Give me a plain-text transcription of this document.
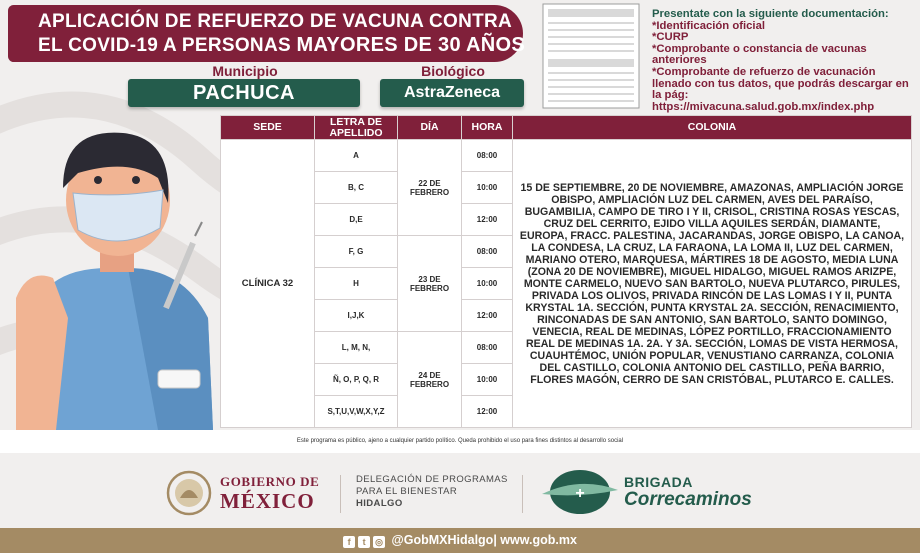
APLICACIÓN DE REFUERZO DE VACUNA CONTRA
EL COVID-19 A PERSONAS MAYORES DE 30 AÑOS
Municipio
PACHUCA
Biológico
AstraZeneca
Presentate con la siguiente documentación:
*Identificación oficial
*CURP
*Comprobante o constancia de vacunas anteriores
*Comprobante de refuerzo de vacunación llenado con tus datos, que podrás descargar en la pág:
https://mivacuna.salud.gob.mx/index.php
SEDE	LETRA DE APELLIDO	DÍA	HORA	COLONIA
CLÍNICA 32	A	22 DE FEBRERO	08:00	15 DE SEPTIEMBRE, 20 DE NOVIEMBRE, AMAZONAS, AMPLIACIÓN JORGE OBISPO, AMPLIACIÓN LUZ DEL CARMEN, AVES DEL PARAÍSO, BUGAMBILIA, CAMPO DE TIRO I Y II, CRISOL, CRISTINA ROSAS YESCAS, CRUZ DEL CERRITO, EJIDO VILLA AQUILES SERDÁN, DIAMANTE, EUROPA, FRACC. PALESTINA, JACARANDAS, JORGE OBISPO, LA CANOA, LA CONDESA, LA CRUZ, LA FARAONA, LA LOMA II, LUZ DEL CARMEN, MARIANO OTERO, MARQUESA, MÁRTIRES 18 DE AGOSTO, MEDIA LUNA (ZONA 20 DE NOVIEMBRE), MIGUEL HIDALGO, MIGUEL RAMOS ARIZPE, MONTE CARMELO, NUEVO SAN BARTOLO, NUEVA PLUTARCO, PIRULES, PRIVADA LOS OLIVOS, PRIVADA RINCÓN DE LAS LOMAS I Y II, PUNTA KRYSTAL 1A. SECCIÓN, PUNTA KRYSTAL 2A. SECCIÓN, RENACIMIENTO, RINCONADAS DE SAN ANTONIO, SAN BARTOLO, SANTO DOMINGO, VENECIA, REAL DE MEDINAS, LÓPEZ PORTILLO, FRACCIONAMIENTO REAL DE MEDINAS 1A. 2A. Y 3A. SECCIÓN, LOMAS DE VISTA HERMOSA, CUAUHTÉMOC, UNIÓN POPULAR, VENUSTIANO CARRANZA, COLONIA DEL CASTILLO, COLONIA ANTONIO DEL CASTILLO, PEÑA BARRIO, FLORES MAGÓN, CERRO DE SAN CRISTÓBAL, PLUTARCO E. CALLES.
	B, C		10:00	
	D,E		12:00	
	F, G	23 DE FEBRERO	08:00	
	H		10:00	
	I,J,K		12:00	
	L, M, N,	24 DE FEBRERO	08:00	
	Ñ, O, P, Q, R		10:00	
	S,T,U,V,W,X,Y,Z		12:00	
Este programa es público, ajeno a cualquier partido político. Queda prohibido el uso para fines distintos al desarrollo social
GOBIERNO DE
MÉXICO
DELEGACIÓN DE PROGRAMAS
PARA EL BIENESTAR
HIDALGO
+
BRIGADA
Correcaminos
f t ◎ @GobMXHidalgo| www.gob.mx
